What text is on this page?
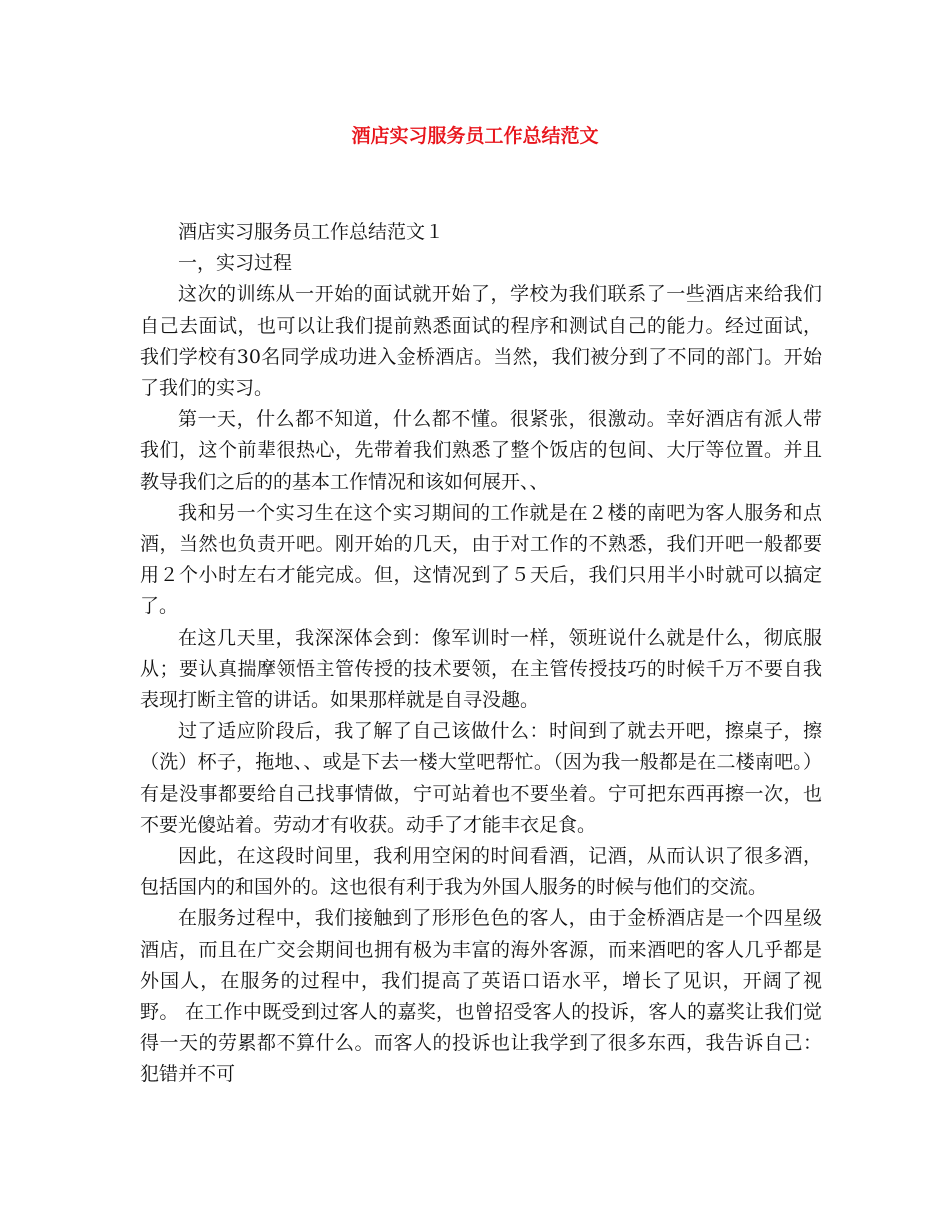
酒店实习服务员工作总结范文

酒店实习服务员工作总结范文１

一，实习过程

这次的训练从一开始的面试就开始了，学校为我们联系了一些酒店来给我们自己去面试，也可以让我们提前熟悉面试的程序和测试自己的能力。经过面试，我们学校有30名同学成功进入金桥酒店。当然，我们被分到了不同的部门。开始了我们的实习。

第一天，什么都不知道，什么都不懂。很紧张，很激动。幸好酒店有派人带我们，这个前辈很热心，先带着我们熟悉了整个饭店的包间、大厅等位置。并且教导我们之后的的基本工作情况和该如何展开、、

我和另一个实习生在这个实习期间的工作就是在２楼的南吧为客人服务和点酒，当然也负责开吧。刚开始的几天，由于对工作的不熟悉，我们开吧一般都要用２个小时左右才能完成。但，这情况到了５天后，我们只用半小时就可以搞定了。

在这几天里，我深深体会到：像军训时一样，领班说什么就是什么，彻底服从；要认真揣摩领悟主管传授的技术要领，在主管传授技巧的时候千万不要自我表现打断主管的讲话。如果那样就是自寻没趣。

过了适应阶段后，我了解了自己该做什么：时间到了就去开吧，擦桌子，擦（洗）杯子，拖地、、或是下去一楼大堂吧帮忙。（因为我一般都是在二楼南吧。）有是没事都要给自己找事情做，宁可站着也不要坐着。宁可把东西再擦一次，也不要光傻站着。劳动才有收获。动手了才能丰衣足食。

因此，在这段时间里，我利用空闲的时间看酒，记酒，从而认识了很多酒，包括国内的和国外的。这也很有利于我为外国人服务的时候与他们的交流。

在服务过程中，我们接触到了形形色色的客人，由于金桥酒店是一个四星级酒店，而且在广交会期间也拥有极为丰富的海外客源，而来酒吧的客人几乎都是外国人，在服务的过程中，我们提高了英语口语水平，增长了见识，开阔了视野。 在工作中既受到过客人的嘉奖，也曾招受客人的投诉，客人的嘉奖让我们觉得一天的劳累都不算什么。而客人的投诉也让我学到了很多东西，我告诉自己：犯错并不可
